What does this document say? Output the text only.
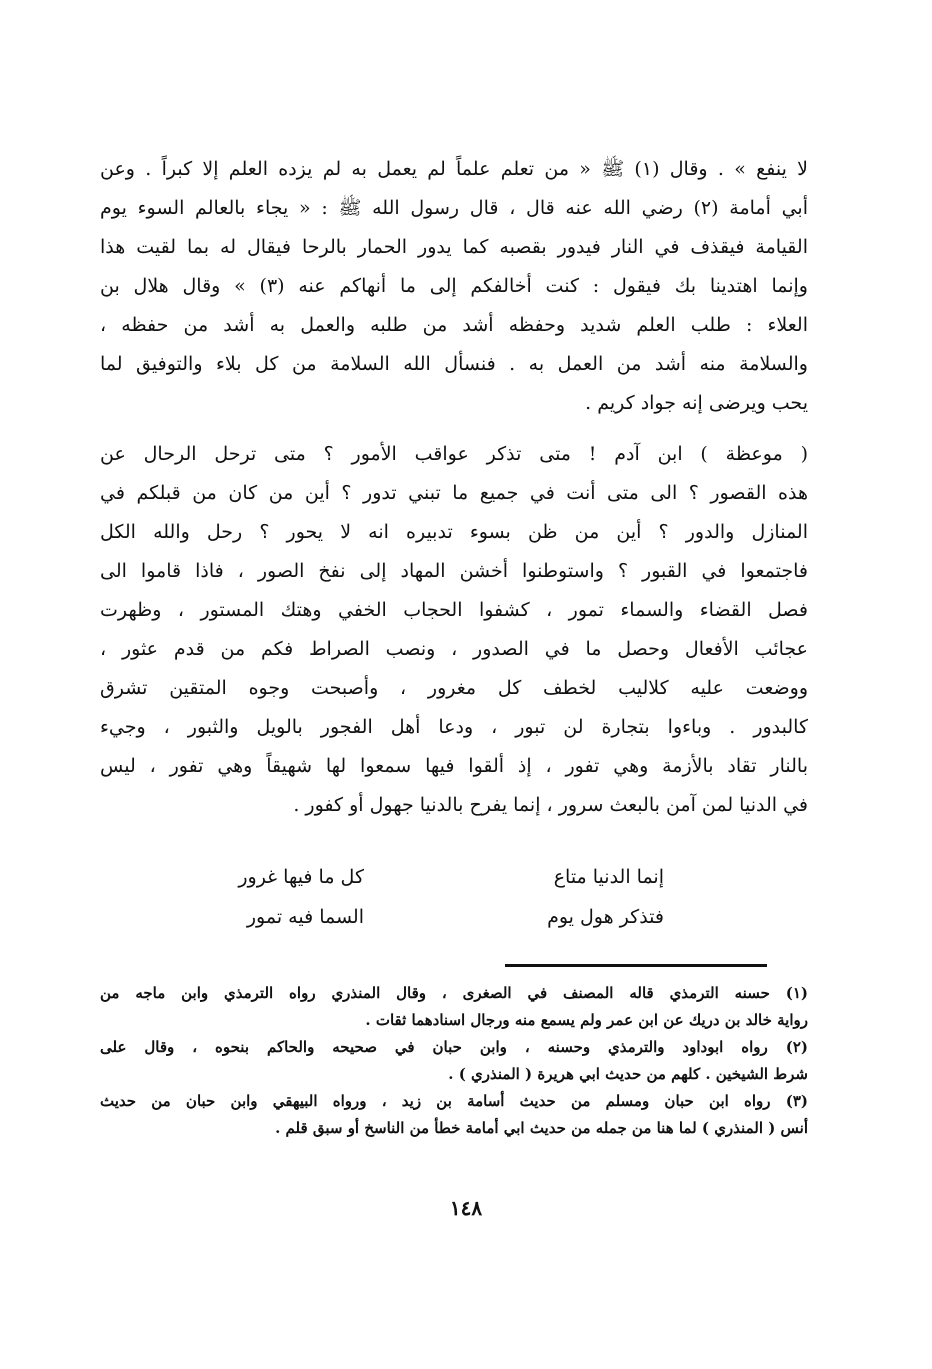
لا ينفع » . وقال (١) ﷺ « من تعلم علماً لم يعمل به لم يزده العلم إلا كبراً . وعن
أبي أمامة (٢) رضي الله عنه قال ، قال رسول الله ﷺ : « يجاء بالعالم السوء يوم
القيامة فيقذف في النار فيدور بقصبه كما يدور الحمار بالرحا فيقال له بما لقيت هذا
وإنما اهتدينا بك فيقول : كنت أخالفكم إلى ما أنهاكم عنه (٣) » وقال هلال بن
العلاء : طلب العلم شديد وحفظه أشد من طلبه والعمل به أشد من حفظه ،
والسلامة منه أشد من العمل به . فنسأل الله السلامة من كل بلاء والتوفيق لما
يحب ويرضى إنه جواد كريم .
( موعظة ) ابن آدم ! متى تذكر عواقب الأمور ؟ متى ترحل الرحال عن
هذه القصور ؟ الى متى أنت في جميع ما تبني تدور ؟ أين من كان من قبلكم في
المنازل والدور ؟ أين من ظن بسوء تدبيره انه لا يحور ؟ رحل والله الكل
فاجتمعوا في القبور ؟ واستوطنوا أخشن المهاد إلى نفخ الصور ، فاذا قاموا الى
فصل القضاء والسماء تمور ، كشفوا الحجاب الخفي وهتك المستور ، وظهرت
عجائب الأفعال وحصل ما في الصدور ، ونصب الصراط فكم من قدم عثور ،
ووضعت عليه كلاليب لخطف كل مغرور ، وأصبحت وجوه المتقين تشرق
كالبدور . وباءوا بتجارة لن تبور ، ودعا أهل الفجور بالويل والثبور ، وجيء
بالنار تقاد بالأزمة وهي تفور ، إذ ألقوا فيها سمعوا لها شهيقاً وهي تفور ، ليس
في الدنيا لمن آمن بالبعث سرور ، إنما يفرح بالدنيا جهول أو كفور .
إنما الدنيا متاع
كل ما فيها غرور
فتذكر هول يوم
السما فيه تمور
(١) حسنه الترمذي قاله المصنف في الصغرى ، وقال المنذري رواه الترمذي وابن ماجه من
رواية خالد بن دريك عن ابن عمر ولم يسمع منه ورجال اسنادهما ثقات .
(٢) رواه ابوداود والترمذي وحسنه ، وابن حبان في صحيحه والحاكم بنحوه ، وقال على
شرط الشيخين . كلهم من حديث ابي هريرة ( المنذري ) .
(٣) رواه ابن حبان ومسلم من حديث أسامة بن زيد ، ورواه البيهقي وابن حبان من حديث
أنس ( المنذري ) لما هنا من جمله من حديث ابي أمامة خطأ من الناسخ أو سبق قلم .
١٤٨
